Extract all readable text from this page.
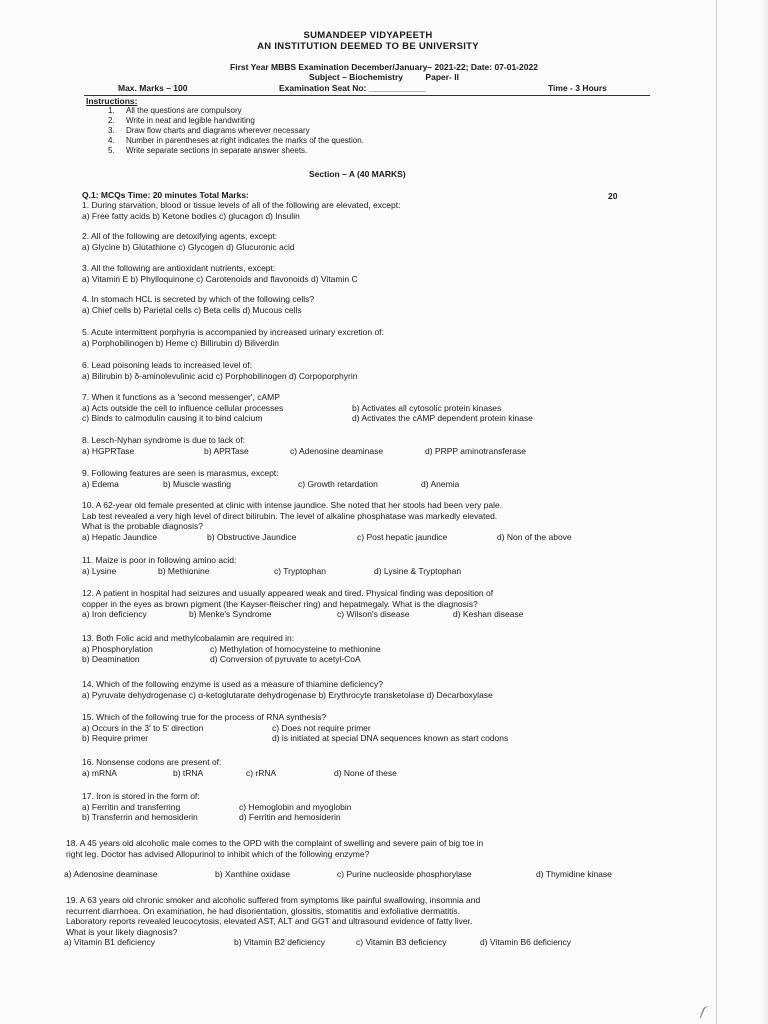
SUMANDEEP VIDYAPEETH
AN INSTITUTION DEEMED TO BE UNIVERSITY
First Year MBBS Examination December/January– 2021-22; Date: 07-01-2022
Subject – Biochemistry	Paper- II
Max. Marks – 100	Examination Seat No: ____________	Time - 3 Hours
Instructions:
1. All the questions are compulsory
2. Write in neat and legible handwriting
3. Draw flow charts and diagrams wherever necessary
4. Number in parentheses at right indicates the marks of the question.
5. Write separate sections in separate answer sheets.
Section – A (40 MARKS)
Q.1: MCQs Time: 20 minutes Total Marks:	20
1. During starvation, blood or tissue levels of all of the following are elevated, except:
a) Free fatty acids b) Ketone bodies c) glucagon d) Insulin
2. All of the following are detoxifying agents, except:
a) Glycine b) Glutathione c) Glycogen d) Glucuronic acid
3. All the following are antioxidant nutrients, except:
a) Vitamin E b) Phylloquinone c) Carotenoids and flavonoids d) Vitamin C
4. In stomach HCL is secreted by which of the following cells?
a) Chief cells b) Parietal cells c) Beta cells d) Mucous cells
5. Acute intermittent porphyria is accompanied by increased urinary excretion of:
a) Porphobilinogen b) Heme c) Billirubin d) Biliverdin
6. Lead poisoning leads to increased level of:
a) Bilirubin b) δ-aminolevulinic acid c) Porphobilinogen d) Corpoporphyrin
7. When it functions as a 'second messenger', cAMP
a) Acts outside the cell to influence cellular processes	b) Activates all cytosolic protein kinases
c) Binds to calmodulin causing it to bind calcium	d) Activates the cAMP dependent protein kinase
8. Lesch-Nyhan syndrome is due to lack of:
a) HGPRTase	b) APRTase	c) Adenosine deaminase	d) PRPP aminotransferase
9. Following features are seen is marasmus, except:
a) Edema	b) Muscle wasting	c) Growth retardation	d) Anemia
10. A 62-year old female presented at clinic with intense jaundice. She noted that her stools had been very pale.
Lab test revealed a very high level of direct bilirubin. The level of alkaline phosphatase was markedly elevated.
What is the probable diagnosis?
a) Hepatic Jaundice	b) Obstructive Jaundice	c) Post hepatic jaundice	d) Non of the above
11. Maize is poor in following amino acid:
a) Lysine	b) Methionine	c) Tryptophan	d) Lysine & Tryptophan
12. A patient in hospital had seizures and usually appeared weak and tired. Physical finding was deposition of
copper in the eyes as brown pigment (the Kayser-fleischer ring) and hepatmegaly. What is the diagnosis?
a) Iron deficiency	b) Menke's Syndrome	c) Wilson's disease	d) Keshan disease
13. Both Folic acid and methylcobalamin are required in:
a) Phosphorylation	c) Methylation of homocysteine to methionine
b) Deamination	d) Conversion of pyruvate to acetyl-CoA
14. Which of the following enzyme is used as a measure of thiamine deficiency?
a) Pyruvate dehydrogenase c) α-ketoglutarate dehydrogenase b) Erythrocyte transketolase d) Decarboxylase
15. Which of the following true for the process of RNA synthesis?
a) Occurs in the 3' to 5' direction	c) Does not require primer
b) Require primer	d) is initiated at special DNA sequences known as start codons
16. Nonsense codons are present of:
a) mRNA	b) tRNA	c) rRNA	d) None of these
17. Iron is stored in the form of:
a) Ferritin and transferring	c) Hemoglobin and myoglobin
b) Transferrin and hemosiderin	d) Ferritin and hemosiderin
18. A 45 years old alcoholic male comes to the OPD with the complaint of swelling and severe pain of big toe in
right leg. Doctor has advised Allopurinol to inhibit which of the following enzyme?
a) Adenosine deaminase	b) Xanthine oxidase	c) Purine nucleoside phosphorylase	d) Thymidine kinase
19. A 63 years old chronic smoker and alcoholic suffered from symptoms like painful swallowing, insomnia and
recurrent diarrhoea. On examination, he had disorientation, glossitis, stomatitis and exfoliative dermatitis.
Laboratory reports revealed leucocytosis, elevated AST, ALT and GGT and ultrasound evidence of fatty liver.
What is your likely diagnosis?
a) Vitamin B1 deficiency	b) Vitamin B2 deficiency	c) Vitamin B3 deficiency	d) Vitamin B6 deficiency
